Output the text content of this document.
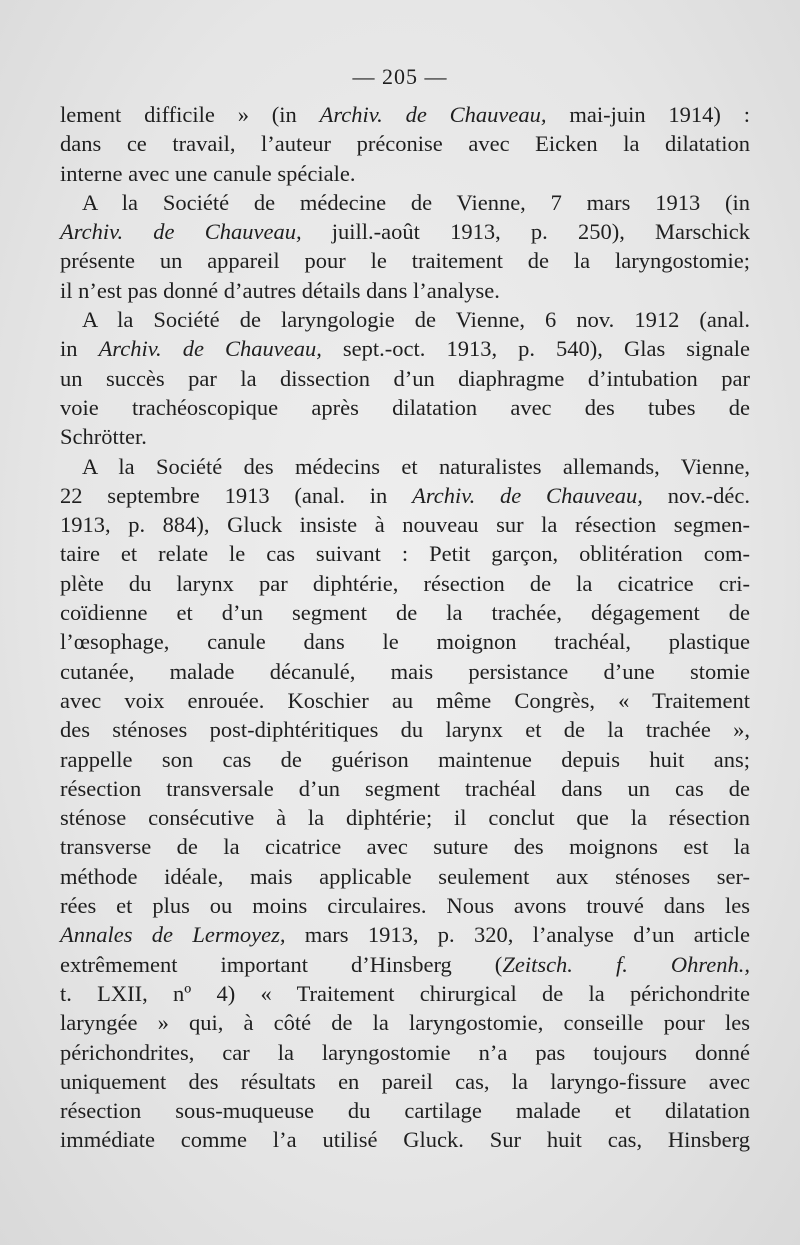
— 205 —
lement difficile » (in Archiv. de Chauveau, mai-juin 1914) :
dans ce travail, l’auteur préconise avec Eicken la dilatation
interne avec une canule spéciale.
A la Société de médecine de Vienne, 7 mars 1913 (in
Archiv. de Chauveau, juill.-août 1913, p. 250), Marschick
présente un appareil pour le traitement de la laryngostomie;
il n’est pas donné d’autres détails dans l’analyse.
A la Société de laryngologie de Vienne, 6 nov. 1912 (anal.
in Archiv. de Chauveau, sept.-oct. 1913, p. 540), Glas signale
un succès par la dissection d’un diaphragme d’intubation par
voie trachéoscopique après dilatation avec des tubes de
Schrötter.
A la Société des médecins et naturalistes allemands, Vienne,
22 septembre 1913 (anal. in Archiv. de Chauveau, nov.-déc.
1913, p. 884), Gluck insiste à nouveau sur la résection segmen-
taire et relate le cas suivant : Petit garçon, oblitération com-
plète du larynx par diphtérie, résection de la cicatrice cri-
coïdienne et d’un segment de la trachée, dégagement de
l’œsophage, canule dans le moignon trachéal, plastique
cutanée, malade décanulé, mais persistance d’une stomie
avec voix enrouée. Koschier au même Congrès, « Traitement
des sténoses post-diphtéritiques du larynx et de la trachée »,
rappelle son cas de guérison maintenue depuis huit ans;
résection transversale d’un segment trachéal dans un cas de
sténose consécutive à la diphtérie; il conclut que la résection
transverse de la cicatrice avec suture des moignons est la
méthode idéale, mais applicable seulement aux sténoses ser-
rées et plus ou moins circulaires. Nous avons trouvé dans les
Annales de Lermoyez, mars 1913, p. 320, l’analyse d’un article
extrêmement important d’Hinsberg (Zeitsch. f. Ohrenh.,
t. LXII, nº 4) « Traitement chirurgical de la périchondrite
laryngée » qui, à côté de la laryngostomie, conseille pour les
périchondrites, car la laryngostomie n’a pas toujours donné
uniquement des résultats en pareil cas, la laryngo-fissure avec
résection sous-muqueuse du cartilage malade et dilatation
immédiate comme l’a utilisé Gluck. Sur huit cas, Hinsberg
